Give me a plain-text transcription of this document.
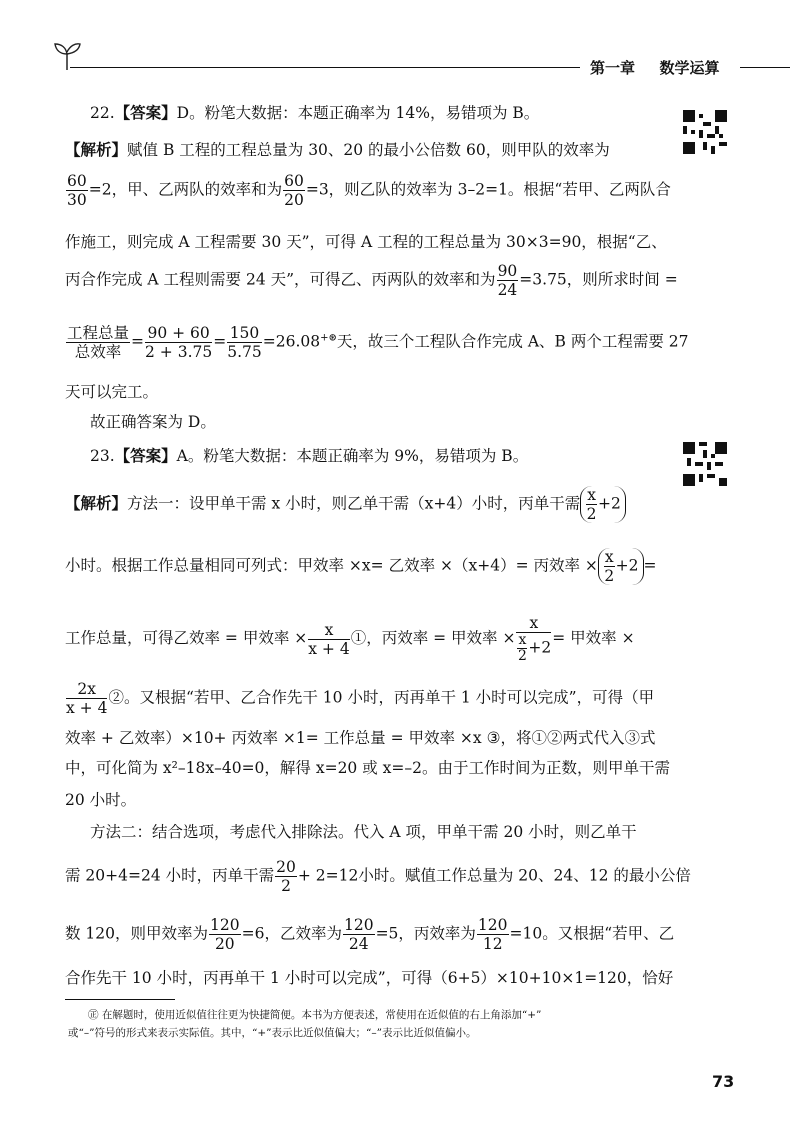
第一章 数学运算
22.【答案】D。粉笔大数据：本题正确率为 14%，易错项为 B。
【解析】赋值 B 工程的工程总量为 30、20 的最小公倍数 60，则甲队的效率为
$\frac{60}{30} =2$，甲、乙两队的效率和为 $\frac{60}{20} =3$，则乙队的效率为 3–2=1。根据“若甲、乙两队合
作施工，则完成 A 工程需要 30 天”，可得 A 工程的工程总量为 30×3=90，根据“乙、
丙合作完成 A 工程则需要 24 天”，可得乙、丙两队的效率和为 $\frac{90}{24} =3.75$，则所求时间 =
$\frac{\text{工程总量}}{\text{总效率}} = \frac{90 + 60}{2 + 3.75} = \frac{150}{5.75} =26.08^{+⊛}$天，故三个工程队合作完成 A、B 两个工程需要 27
天可以完工。
故正确答案为 D。
23.【答案】A。粉笔大数据：本题正确率为 9%，易错项为 B。
【解析】方法一：设甲单干需 x 小时，则乙单干需（x+4）小时，丙单干需 $\frac{x}{2} +2$
小时。根据工作总量相同可列式：甲效率 ×x= 乙效率 ×（x+4）= 丙效率 × $\frac{x}{2} +2$ =
工作总量，可得乙效率 = 甲效率 × $\frac{x}{x + 4}$ ①，丙效率 = 甲效率 × $\frac{x}{\frac{x}{2} +2}$ = 甲效率 ×
$\frac{2x}{x + 4}$ ②。又根据“若甲、乙合作先干 10 小时，丙再单干 1 小时可以完成”，可得（甲
效率 + 乙效率）×10+ 丙效率 ×1= 工作总量 = 甲效率 ×x ③，将①②两式代入③式
中，可化简为 x²–18x–40=0，解得 x=20 或 x=–2。由于工作时间为正数，则甲单干需
20 小时。
方法二：结合选项，考虑代入排除法。代入 A 项，甲单干需 20 小时，则乙单干
需 20+4=24 小时，丙单干需 $\frac{20}{2} + 2=12$小时。赋值工作总量为 20、24、12 的最小公倍
数 120，则甲效率为 $\frac{120}{20} =6$，乙效率为 $\frac{120}{24} =5$，丙效率为 $\frac{120}{12} =10$。又根据“若甲、乙
合作先干 10 小时，丙再单干 1 小时可以完成”，可得（6+5）×10+10×1=120，恰好
㊣ 在解题时，使用近似值往往更为快捷简便。本书为方便表述，常使用在近似值的右上角添加“+”
或“–”符号的形式来表示实际值。其中，“+”表示比近似值偏大；“–”表示比近似值偏小。
73
